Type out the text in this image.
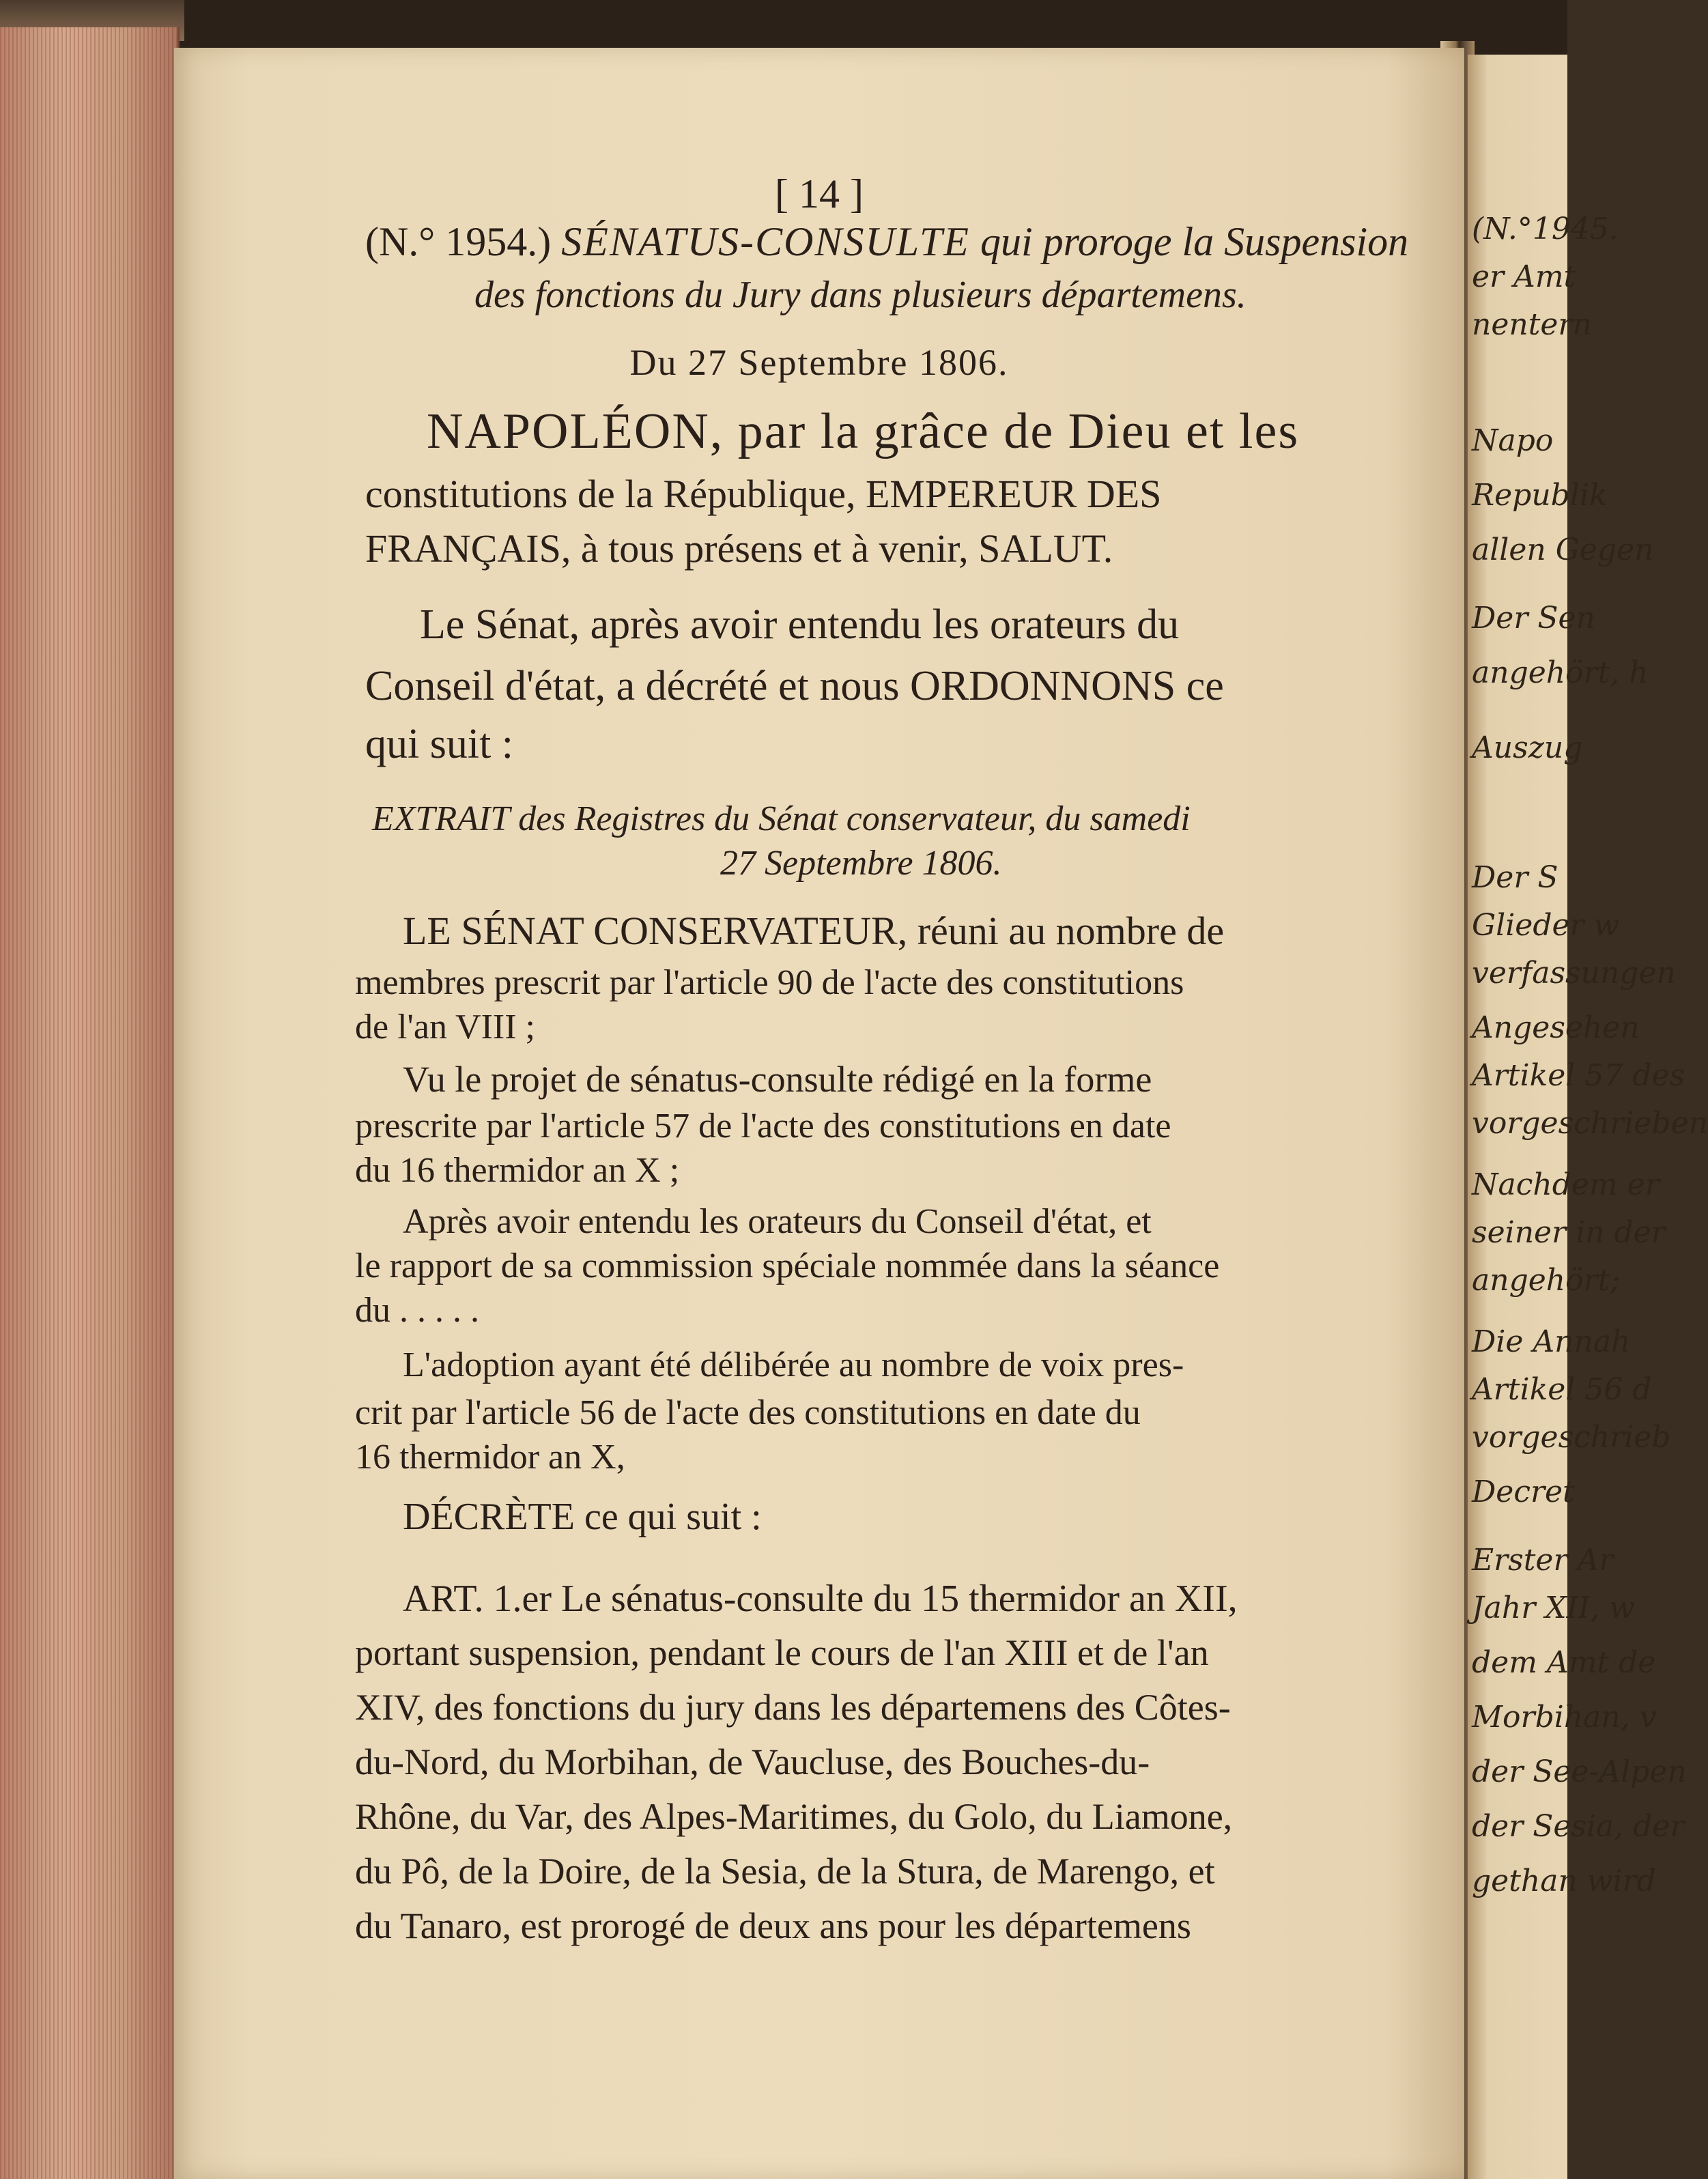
[ 14 ]
(N.° 1954.) SÉNATUS-CONSULTE qui proroge la Suspension
des fonctions du Jury dans plusieurs départemens.
Du 27 Septembre 1806.
NAPOLÉON, par la grâce de Dieu et les
constitutions de la République, EMPEREUR DES
FRANÇAIS, à tous présens et à venir, SALUT.
Le Sénat, après avoir entendu les orateurs du
Conseil d'état, a décrété et nous ORDONNONS ce
qui suit :
EXTRAIT des Registres du Sénat conservateur, du samedi
27 Septembre 1806.
LE SÉNAT CONSERVATEUR, réuni au nombre de
membres prescrit par l'article 90 de l'acte des constitutions
de l'an VIII ;
Vu le projet de sénatus-consulte rédigé en la forme
prescrite par l'article 57 de l'acte des constitutions en date
du 16 thermidor an X ;
Après avoir entendu les orateurs du Conseil d'état, et
le rapport de sa commission spéciale nommée dans la séance
du . . . . .
L'adoption ayant été délibérée au nombre de voix pres-
crit par l'article 56 de l'acte des constitutions en date du
16 thermidor an X,
DÉCRÈTE ce qui suit :
ART. 1.er Le sénatus-consulte du 15 thermidor an XII,
portant suspension, pendant le cours de l'an XIII et de l'an
XIV, des fonctions du jury dans les départemens des Côtes-
du-Nord, du Morbihan, de Vaucluse, des Bouches-du-
Rhône, du Var, des Alpes-Maritimes, du Golo, du Liamone,
du Pô, de la Doire, de la Sesia, de la Stura, de Marengo, et
du Tanaro, est prorogé de deux ans pour les départemens
(N.°1945.
er Amt
nentern
Napo
Republik
allen Gegen
Der Sen
angehört, h
Auszug
Der S
Glieder w
verfassungen
Angesehen
Artikel 57 des
vorgeschrieben
Nachdem er
seiner in der
angehört;
Die Annah
Artikel 56 d
vorgeschrieb
Decret
Erster Ar
Jahr XII, w
dem Amt de
Morbihan, v
der See-Alpen
der Sesia, der
gethan wird
